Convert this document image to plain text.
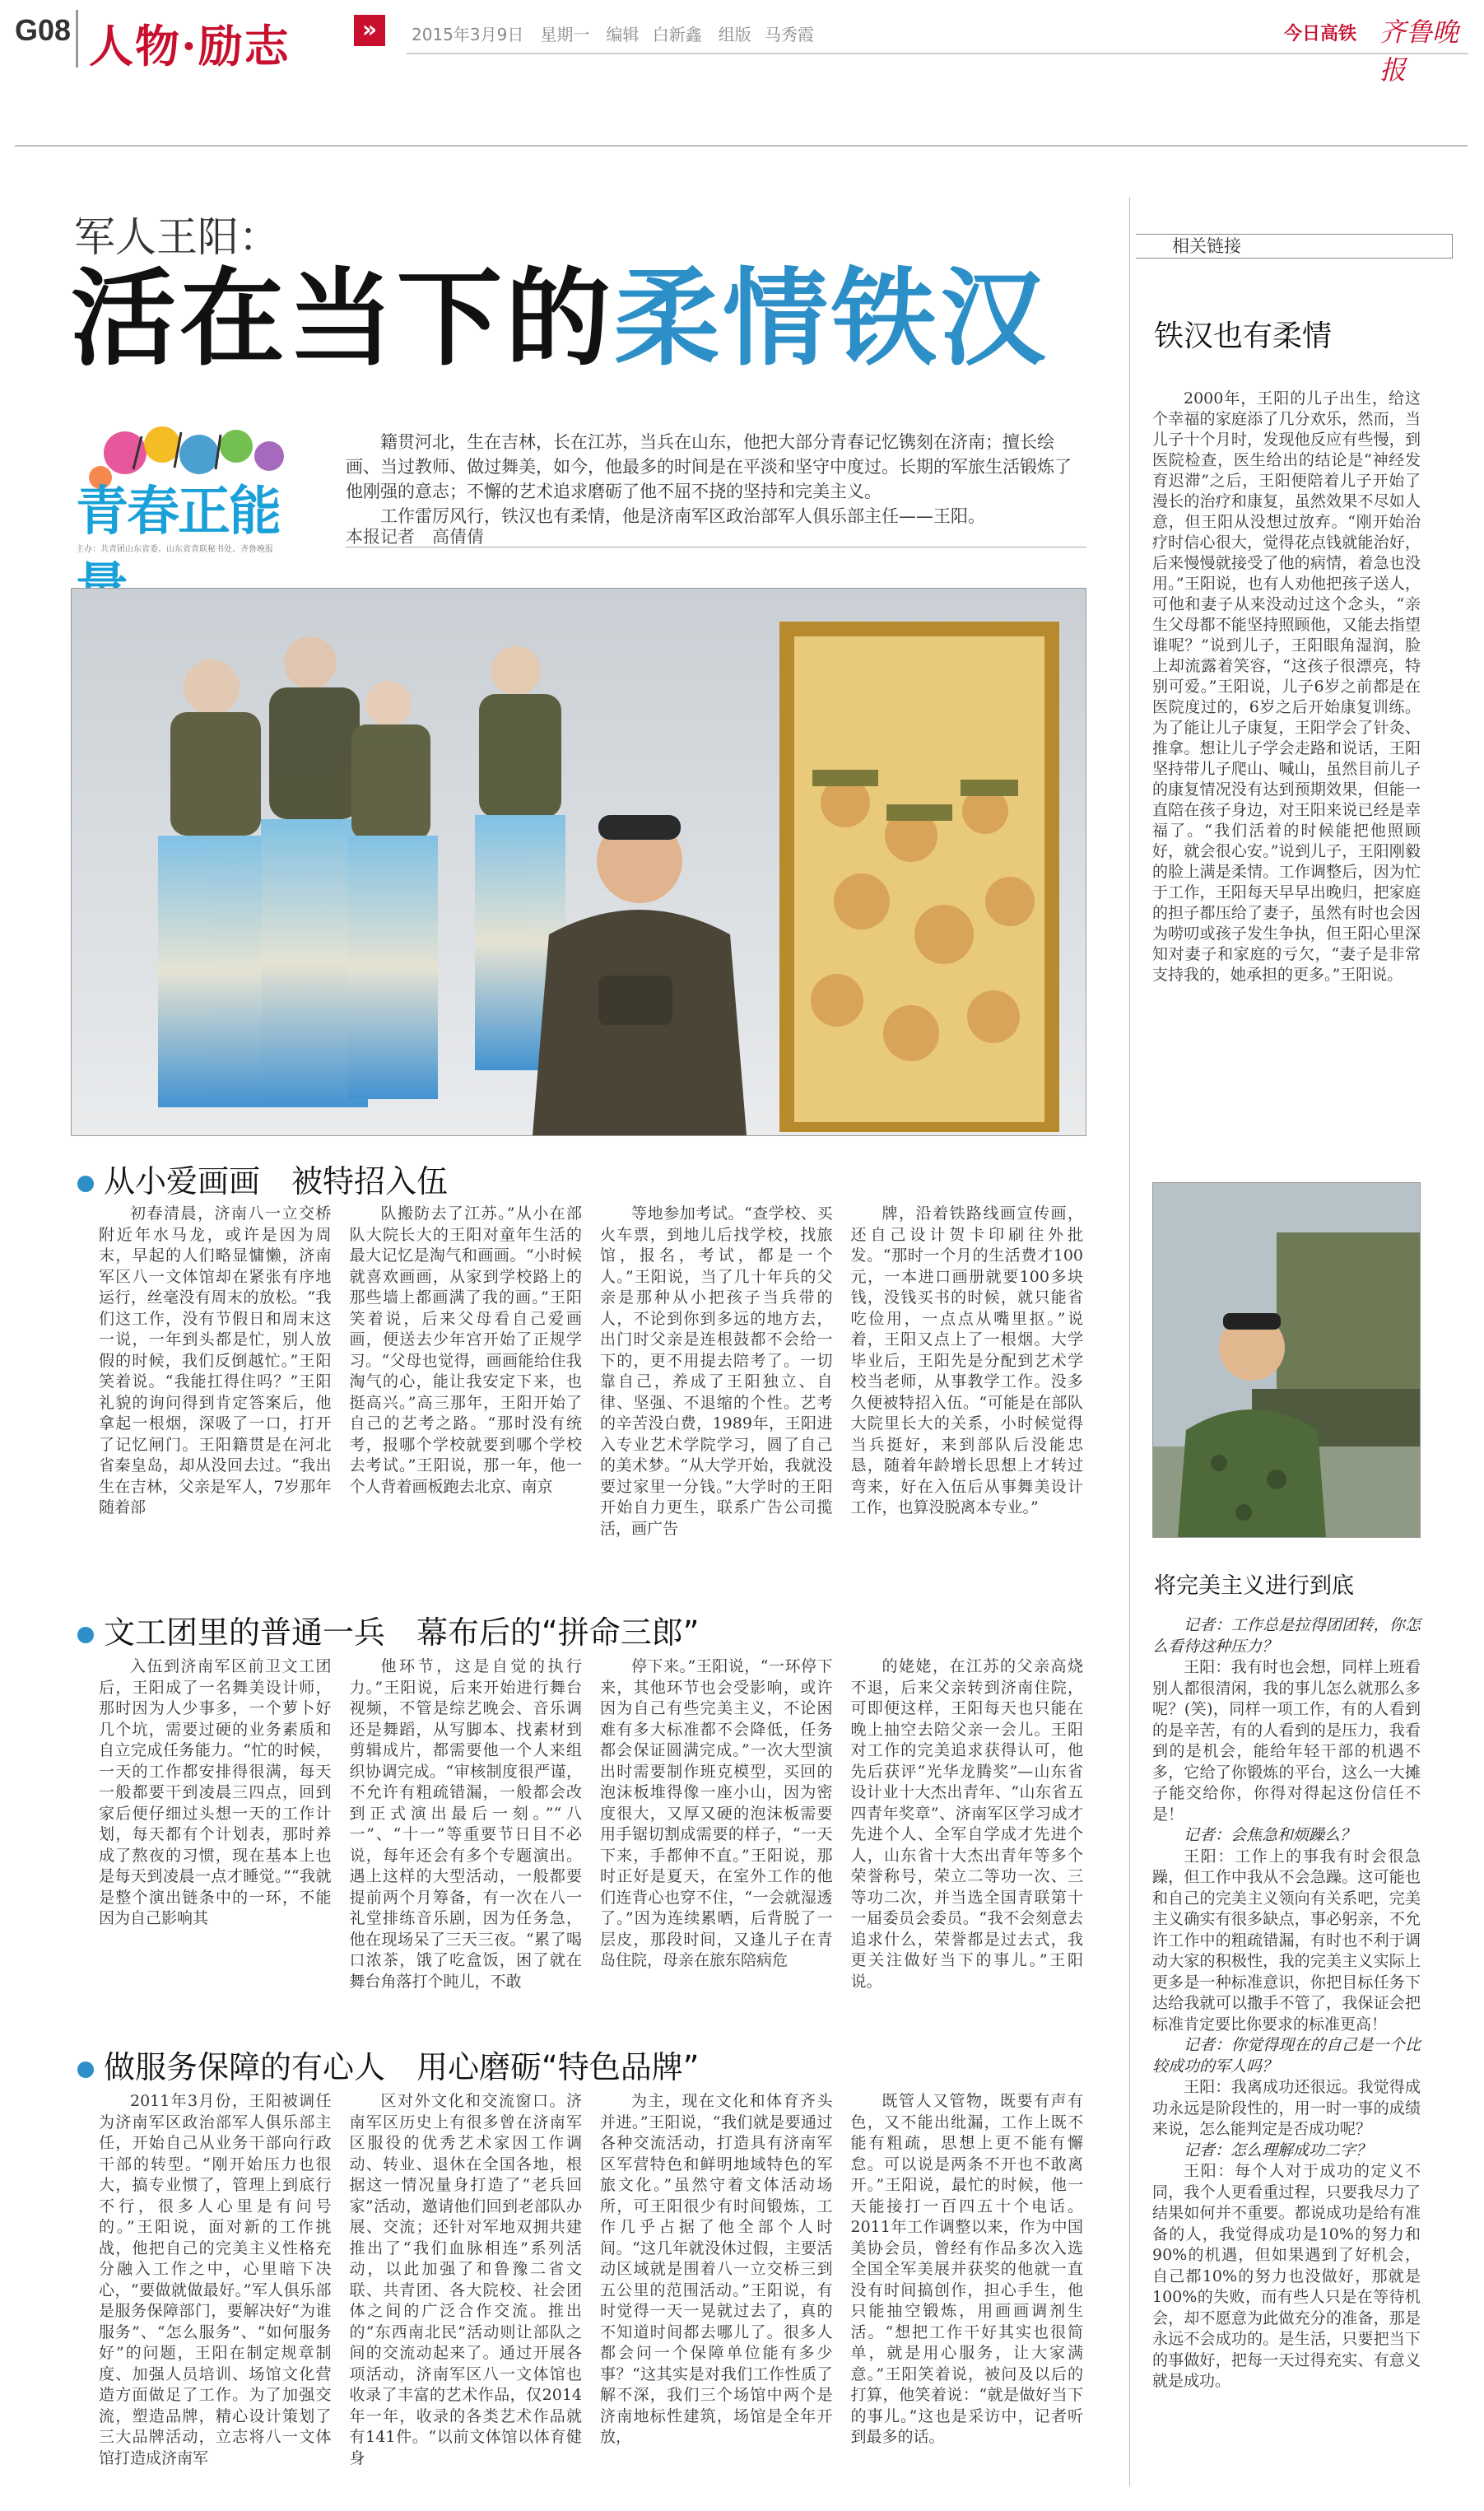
G08 人物·励志	»	2015年3月9日　星期一　编辑 白新鑫　组版 马秀霞	今日高铁 齐鲁晚报
军人王阳：
活在当下的柔情铁汉
青春正能
主办：共青团山东省委、山东省青联秘书处、齐鲁晚报
籍贯河北，生在吉林，长在江苏，当兵在山东，他把大部分青春记忆镌刻在济南；擅长绘画、当过教师、做过舞美，如今，他最多的时间是在平淡和坚守中度过。长期的军旅生活锻炼了他刚强的意志；不懈的艺术追求磨砺了他不屈不挠的坚持和完美主义。
工作雷厉风行，铁汉也有柔情，他是济南军区政治部军人俱乐部主任——王阳。
本报记者　高倩倩
从小爱画画　被特招入伍
初春清晨，济南八一立交桥附近年水马龙，或许是因为周末，早起的人们略显慵懒，济南军区八一文体馆却在紧张有序地运行，丝毫没有周末的放松。“我们这工作，没有节假日和周末这一说，一年到头都是忙，别人放假的时候，我们反倒越忙。”王阳笑着说。“我能扛得住吗？”王阳礼貌的询问得到肯定答案后，他拿起一根烟，深吸了一口，打开了记忆闸门。王阳籍贯是在河北省秦皇岛，却从没回去过。“我出生在吉林，父亲是军人，7岁那年随着部
队搬防去了江苏。”从小在部队大院长大的王阳对童年生活的最大记忆是淘气和画画。“小时候就喜欢画画，从家到学校路上的那些墙上都画满了我的画。”王阳笑着说，后来父母看自己爱画画，便送去少年宫开始了正规学习。“父母也觉得，画画能给住我淘气的心，能让我安定下来，也挺高兴。”高三那年，王阳开始了自己的艺考之路。“那时没有统考，报哪个学校就要到哪个学校去考试。”王阳说，那一年，他一个人背着画板跑去北京、南京
等地参加考试。“查学校、买火车票，到地儿后找学校，找旅馆，报名，考试，都是一个人。”王阳说，当了几十年兵的父亲是那种从小把孩子当兵带的人，不论到你到多远的地方去，出门时父亲是连根鼓都不会给一下的，更不用提去陪考了。一切靠自己，养成了王阳独立、自律、坚强、不退缩的个性。艺考的辛苦没白费，1989年，王阳进入专业艺术学院学习，圆了自己的美术梦。“从大学开始，我就没要过家里一分钱。”大学时的王阳开始自力更生，联系广告公司揽活，画广告
牌，沿着铁路线画宣传画，还自己设计贺卡印刷往外批发。“那时一个月的生活费才100元，一本进口画册就要100多块钱，没钱买书的时候，就只能省吃俭用，一点点从嘴里抠。”说着，王阳又点上了一根烟。大学毕业后，王阳先是分配到艺术学校当老师，从事教学工作。没多久便被特招入伍。“可能是在部队大院里长大的关系，小时候觉得当兵挺好，来到部队后没能忠恳，随着年龄增长思想上才转过弯来，好在入伍后从事舞美设计工作，也算没脱离本专业。”
文工团里的普通一兵　幕布后的“拼命三郎”
入伍到济南军区前卫文工团后，王阳成了一名舞美设计师，那时因为人少事多，一个萝卜好几个坑，需要过硬的业务素质和自立完成任务能力。“忙的时候，一天的工作都安排得很满，每天一般都要干到凌晨三四点，回到家后便仔细过头想一天的工作计划，每天都有个计划表，那时养成了熬夜的习惯，现在基本上也是每天到凌晨一点才睡觉。”“我就是整个演出链条中的一环，不能因为自己影响其
他环节，这是自觉的执行力。”王阳说，后来开始进行舞台视频，不管是综艺晚会、音乐调还是舞蹈，从写脚本、找素材到剪辑成片，都需要他一个人来组织协调完成。“审核制度很严谨，不允许有粗疏错漏，一般都会改到正式演出最后一刻。”“八一”、“十一”等重要节日目不必说，每年还会有多个专题演出。遇上这样的大型活动，一般都要提前两个月筹备，有一次在八一礼堂排练音乐剧，因为任务急，他在现场呆了三天三夜。“累了喝口浓茶，饿了吃盒饭，困了就在舞台角落打个盹儿，不敢
停下来。”王阳说，“一环停下来，其他环节也会受影响，或许因为自己有些完美主义，不论困难有多大标准都不会降低，任务都会保证圆满完成。”一次大型演出时需要制作班克模型，买回的泡沫板堆得像一座小山，因为密度很大，又厚又硬的泡沫板需要用手锯切割成需要的样子，“一天下来，手都伸不直。”王阳说，那时正好是夏天，在室外工作的他们连背心也穿不住，“一会就湿透了。”因为连续累晒，后背脱了一层皮，那段时间，又逢儿子在青岛住院，母亲在旅东陪病危
的姥姥，在江苏的父亲高烧不退，后来父亲转到济南住院，可即便这样，王阳每天也只能在晚上抽空去陪父亲一会儿。王阳对工作的完美追求获得认可，他先后获评“光华龙腾奖”—山东省设计业十大杰出青年、“山东省五四青年奖章”、济南军区学习成才先进个人、全军自学成才先进个人，山东省十大杰出青年等多个荣誉称号，荣立二等功一次、三等功二次，并当选全国青联第十一届委员会委员。“我不会刻意去追求什么，荣誉都是过去式，我更关注做好当下的事儿。”王阳说。
做服务保障的有心人　用心磨砺“特色品牌”
2011年3月份，王阳被调任为济南军区政治部军人俱乐部主任，开始自己从业务干部向行政干部的转型。“刚开始压力也很大，搞专业惯了，管理上到底行不行，很多人心里是有问号的。”王阳说，面对新的工作挑战，他把自己的完美主义性格充分融入工作之中，心里暗下决心，“要做就做最好。”军人俱乐部是服务保障部门，要解决好“为谁服务”、“怎么服务”、“如何服务好”的问题，王阳在制定规章制度、加强人员培训、场馆文化营造方面做足了工作。为了加强交流，塑造品牌，精心设计策划了三大品牌活动，立志将八一文体馆打造成济南军
区对外文化和交流窗口。济南军区历史上有很多曾在济南军区服役的优秀艺术家因工作调动、转业、退休在全国各地，根据这一情况量身打造了“老兵回家”活动，邀请他们回到老部队办展、交流；还针对军地双拥共建推出了“我们血脉相连”系列活动，以此加强了和鲁豫二省文联、共青团、各大院校、社会团体之间的广泛合作交流。推出的“东西南北民”活动则让部队之间的交流动起来了。通过开展各项活动，济南军区八一文体馆也收录了丰富的艺术作品，仅2014年一年，收录的各类艺术作品就有141件。“以前文体馆以体育健身
为主，现在文化和体育齐头并进。”王阳说，“我们就是要通过各种交流活动，打造具有济南军区军营特色和鲜明地域特色的军旅文化。”虽然守着文体活动场所，可王阳很少有时间锻炼，工作几乎占据了他全部个人时间。“这几年就没休过假，主要活动区域就是围着八一立交桥三到五公里的范围活动。”王阳说，有时觉得一天一晃就过去了，真的不知道时间都去哪儿了。很多人都会问一个保障单位能有多少事？“这其实是对我们工作性质了解不深，我们三个场馆中两个是济南地标性建筑，场馆是全年开放，
既管人又管物，既要有声有色，又不能出纰漏，工作上既不能有粗疏，思想上更不能有懈怠。可以说是两条不开也不敢离开。”王阳说，最忙的时候，他一天能接打一百四五十个电话。2011年工作调整以来，作为中国美协会员，曾经有作品多次入选全国全军美展并获奖的他就一直没有时间搞创作，担心手生，他只能抽空锻炼，用画画调剂生活。“想把工作干好其实也很简单，就是用心服务，让大家满意。”王阳笑着说，被问及以后的打算，他笑着说：“就是做好当下的事儿。”这也是采访中，记者听到最多的话。
相关链接
铁汉也有柔情
2000年，王阳的儿子出生，给这个幸福的家庭添了几分欢乐，然而，当儿子十个月时，发现他反应有些慢，到医院检查，医生给出的结论是“神经发育迟滞”之后，王阳便陪着儿子开始了漫长的治疗和康复，虽然效果不尽如人意，但王阳从没想过放弃。“刚开始治疗时信心很大，觉得花点钱就能治好，后来慢慢就接受了他的病情，着急也没用。”王阳说，也有人劝他把孩子送人，可他和妻子从来没动过这个念头，“亲生父母都不能坚持照顾他，又能去指望谁呢？”说到儿子，王阳眼角湿润，脸上却流露着笑容，“这孩子很漂亮，特别可爱。”王阳说，儿子6岁之前都是在医院度过的，6岁之后开始康复训练。为了能让儿子康复，王阳学会了针灸、推拿。想让儿子学会走路和说话，王阳坚持带儿子爬山、喊山，虽然目前儿子的康复情况没有达到预期效果，但能一直陪在孩子身边，对王阳来说已经是幸福了。“我们活着的时候能把他照顾好，就会很心安。”说到儿子，王阳刚毅的脸上满是柔情。工作调整后，因为忙于工作，王阳每天早早出晚归，把家庭的担子都压给了妻子，虽然有时也会因为唠叨或孩子发生争执，但王阳心里深知对妻子和家庭的亏欠，“妻子是非常支持我的，她承担的更多。”王阳说。
将完美主义进行到底

记者：工作总是拉得团团转，你怎么看待这种压力？

王阳：我有时也会想，同样上班看别人都很清闲，我的事儿怎么就那么多呢？(笑)，同样一项工作，有的人看到的是辛苦，有的人看到的是压力，我看到的是机会，能给年轻干部的机遇不多，它给了你锻炼的平台，这么一大摊子能交给你，你得对得起这份信任不是！

记者：会焦急和烦躁么？

王阳：工作上的事我有时会很急躁，但工作中我从不会急躁。这可能也和自己的完美主义领向有关系吧，完美主义确实有很多缺点，事必躬亲，不允许工作中的粗疏错漏，有时也不利于调动大家的积极性，我的完美主义实际上更多是一种标准意识，你把目标任务下达给我就可以撒手不管了，我保证会把标准肯定要比你要求的标准更高！

记者：你觉得现在的自己是一个比较成功的军人吗？

王阳：我离成功还很远。我觉得成功永远是阶段性的，用一时一事的成绩来说，怎么能判定是否成功呢？

记者：怎么理解成功二字？

王阳：每个人对于成功的定义不同，我个人更看重过程，只要我尽力了结果如何并不重要。都说成功是给有准备的人，我觉得成功是10%的努力和90%的机遇，但如果遇到了好机会，自己都10%的努力也没做好，那就是100%的失败，而有些人只是在等待机会，却不愿意为此做充分的准备，那是永远不会成功的。是生活，只要把当下的事做好，把每一天过得充实、有意义就是成功。
